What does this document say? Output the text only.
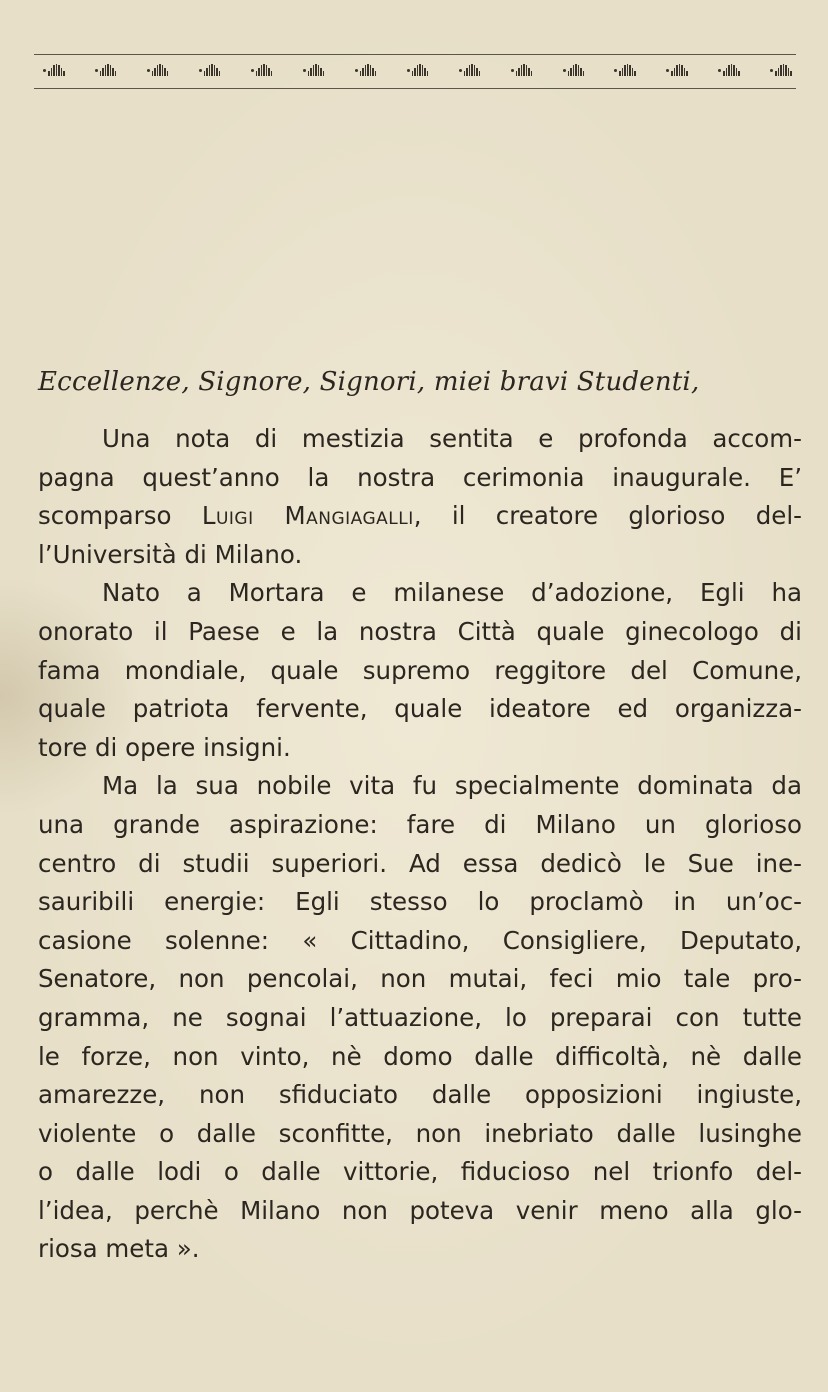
Eccellenze, Signore, Signori, miei bravi Studenti,
Una nota di mestizia sentita e profonda accom-
pagna quest’anno la nostra cerimonia inaugurale. E’
scomparso Luigi Mangiagalli, il creatore glorioso del-
l’Università di Milano.
Nato a Mortara e milanese d’adozione, Egli ha
onorato il Paese e la nostra Città quale ginecologo di
fama mondiale, quale supremo reggitore del Comune,
quale patriota fervente, quale ideatore ed organizza-
tore di opere insigni.
Ma la sua nobile vita fu specialmente dominata da
una grande aspirazione: fare di Milano un glorioso
centro di studii superiori. Ad essa dedicò le Sue ine-
sauribili energie: Egli stesso lo proclamò in un’oc-
casione solenne: « Cittadino, Consigliere, Deputato,
Senatore, non pencolai, non mutai, feci mio tale pro-
gramma, ne sognai l’attuazione, lo preparai con tutte
le forze, non vinto, nè domo dalle difficoltà, nè dalle
amarezze, non sfiduciato dalle opposizioni ingiuste,
violente o dalle sconfitte, non inebriato dalle lusinghe
o dalle lodi o dalle vittorie, fiducioso nel trionfo del-
l’idea, perchè Milano non poteva venir meno alla glo-
riosa meta ».
